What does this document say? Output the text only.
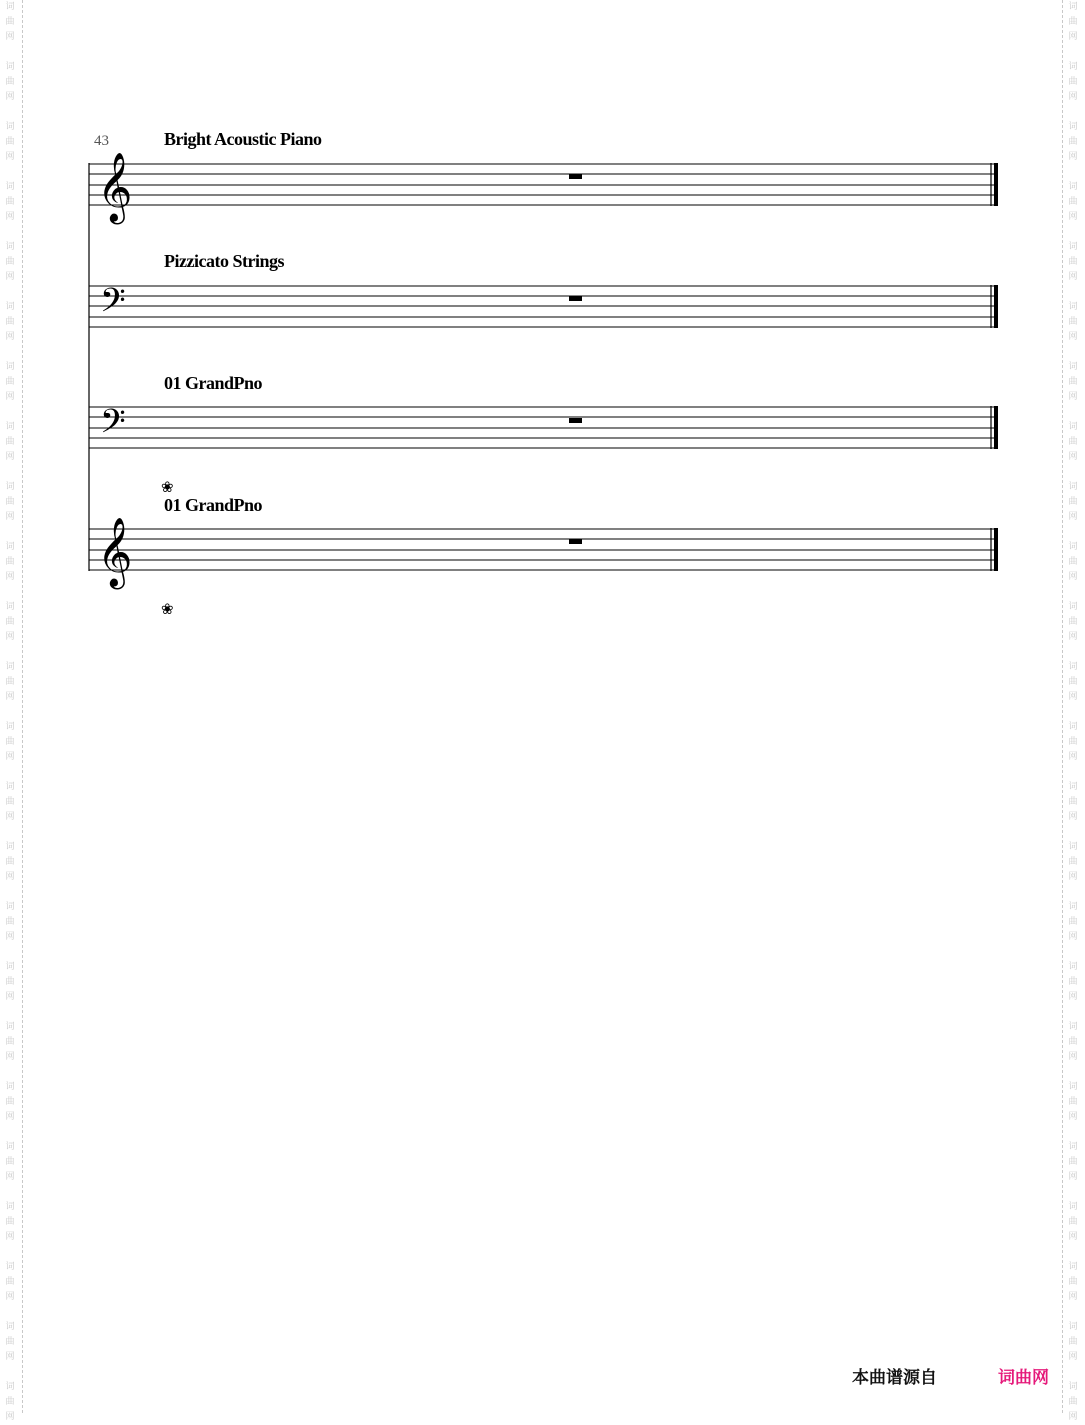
词
曲
网
词
曲
网
词
曲
网
词
曲
网
词
曲
网
词
曲
网
词
曲
网
词
曲
网
词
曲
网
词
曲
网
词
曲
网
词
曲
网
词
曲
网
词
曲
网
词
曲
网
词
曲
网
词
曲
网
词
曲
网
词
曲
网
词
曲
网
词
曲
网
词
曲
网
词
曲
网
词
曲
网
词
曲
网
词
曲
网
词
曲
网
词
曲
网
词
曲
网
词
曲
网
词
曲
网
词
曲
网
词
曲
网
词
曲
网
词
曲
网
词
曲
网
词
曲
网
词
曲
网
词
曲
网
词
曲
网
词
曲
网
词
曲
网
词
曲
网
词
曲
网
词
曲
网
词
曲
网
词
曲
网
词
曲
网
43	Bright Acoustic Piano
Pizzicato Strings
01 GrandPno
01 GrandPno
❀
❀
𝄞
𝄢
𝄢
𝄞
本曲谱源自	词曲网
